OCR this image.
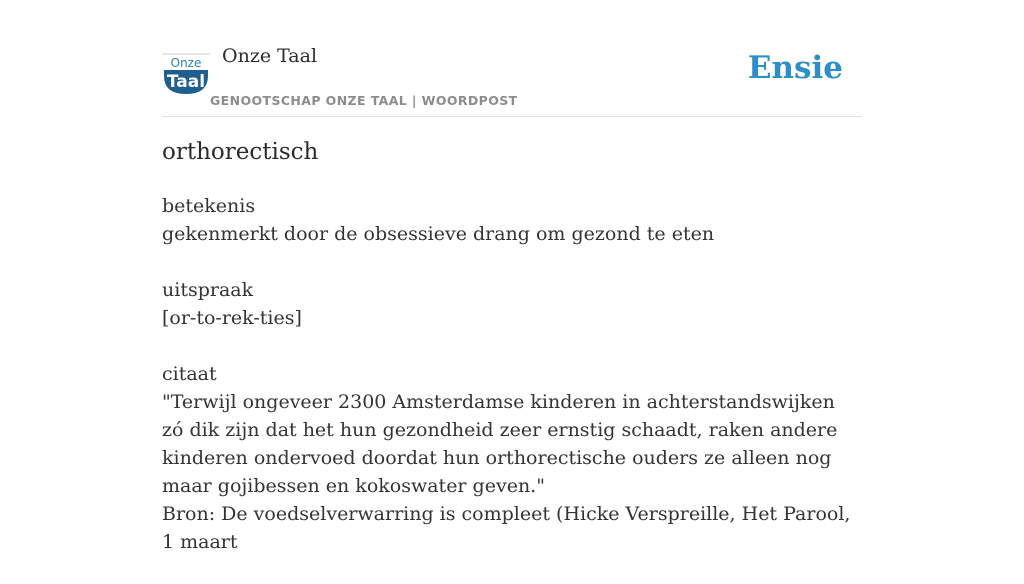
Onze
Taal
Onze Taal
GENOOTSCHAP ONZE TAAL | WOORDPOST
Ensie
orthorectisch
betekenis
gekenmerkt door de obsessieve drang om gezond te eten
uitspraak
[or-to-rek-ties]
citaat
"Terwijl ongeveer 2300 Amsterdamse kinderen in achterstandswijken zó dik zijn dat het hun gezondheid zeer ernstig schaadt, raken andere kinderen ondervoed doordat hun orthorectische ouders ze alleen nog maar gojibessen en kokoswater geven."
Bron: De voedselverwarring is compleet (Hicke Verspreille, Het Parool, 1 maart
